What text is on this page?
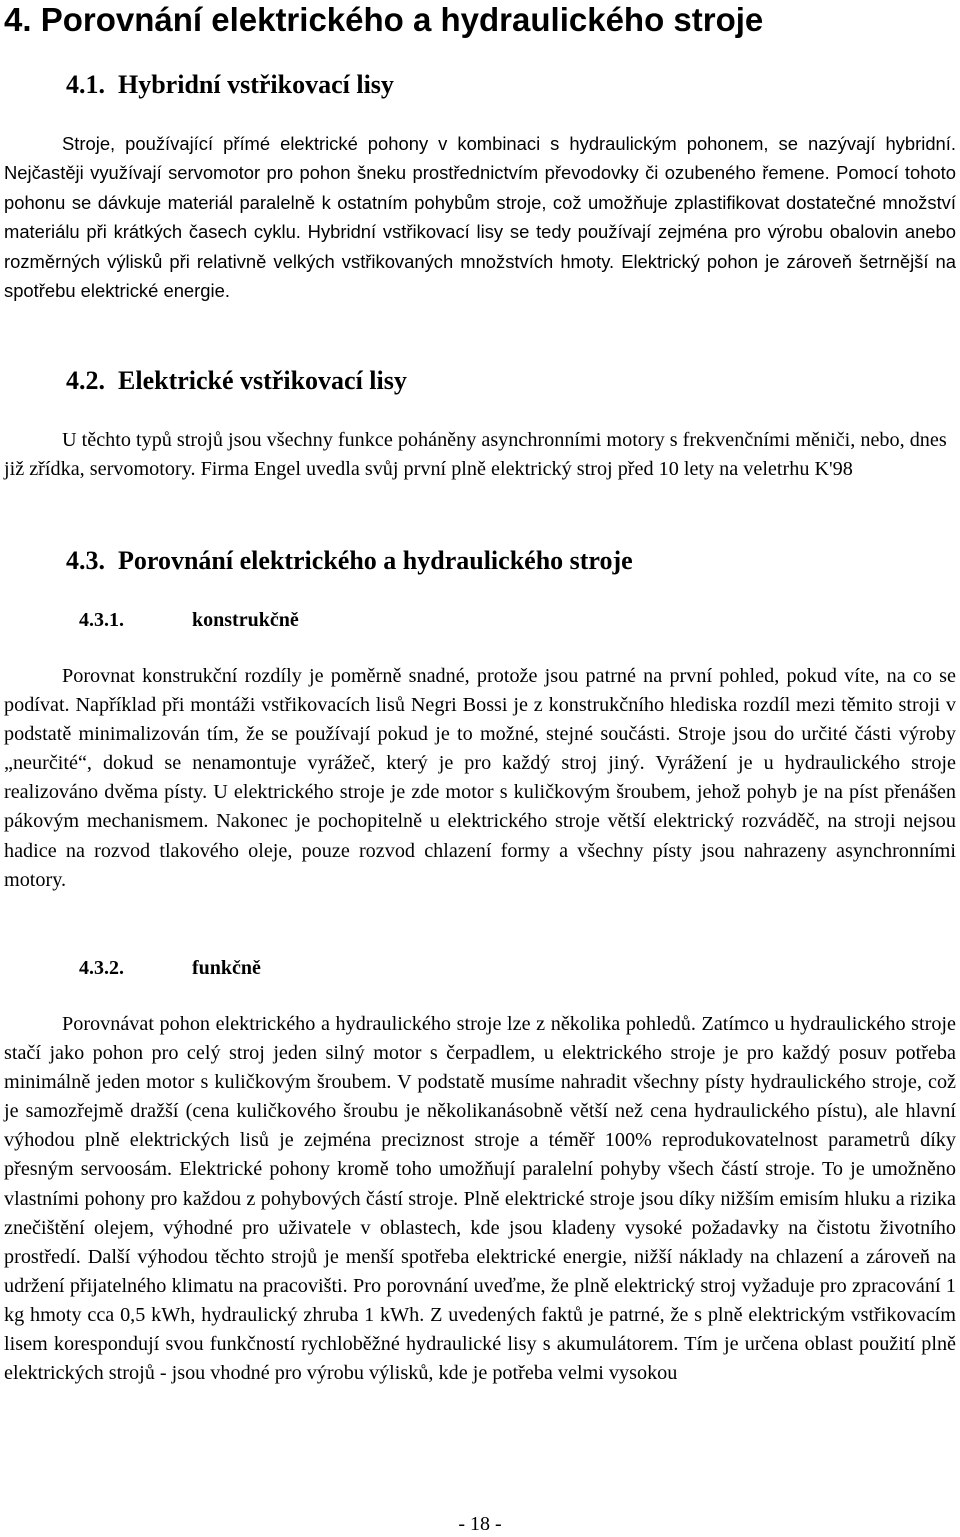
4. Porovnání elektrického a hydraulického stroje
4.1. Hybridní vstřikovací lisy

Stroje, používající přímé elektrické pohony v kombinaci s hydraulickým pohonem, se nazývají hybridní. Nejčastěji využívají servomotor pro pohon šneku prostřednictvím převodovky či ozubeného řemene. Pomocí tohoto pohonu se dávkuje materiál paralelně k ostatním pohybům stroje, což umožňuje zplastifikovat dostatečné množství materiálu při krátkých časech cyklu. Hybridní vstřikovací lisy se tedy používají zejména pro výrobu obalovin anebo rozměrných výlisků při relativně velkých vstřikovaných množstvích hmoty. Elektrický pohon je zároveň šetrnější na spotřebu elektrické energie.

4.2. Elektrické vstřikovací lisy

U těchto typů strojů jsou všechny funkce poháněny asynchronními motory s frekvenčními měniči, nebo, dnes již zřídka, servomotory. Firma Engel uvedla svůj první plně elektrický stroj před 10 lety na veletrhu K'98

4.3. Porovnání elektrického a hydraulického stroje
4.3.1.	konstrukčně

Porovnat konstrukční rozdíly je poměrně snadné, protože jsou patrné na první pohled, pokud víte, na co se podívat. Například při montáži vstřikovacích lisů Negri Bossi je z konstrukčního hlediska rozdíl mezi těmito stroji v podstatě minimalizován tím, že se používají pokud je to možné, stejné součásti. Stroje jsou do určité části výroby „neurčité“, dokud se nenamontuje vyrážeč, který je pro každý stroj jiný. Vyrážení je u hydraulického stroje realizováno dvěma písty. U elektrického stroje je zde motor s kuličkovým šroubem, jehož pohyb je na píst přenášen pákovým mechanismem. Nakonec je pochopitelně u elektrického stroje větší elektrický rozváděč, na stroji nejsou hadice na rozvod tlakového oleje, pouze rozvod chlazení formy a všechny písty jsou nahrazeny asynchronními motory.

4.3.2.	funkčně

Porovnávat pohon elektrického a hydraulického stroje lze z několika pohledů. Zatímco u hydraulického stroje stačí jako pohon pro celý stroj jeden silný motor s čerpadlem, u elektrického stroje je pro každý posuv potřeba minimálně jeden motor s kuličkovým šroubem. V podstatě musíme nahradit všechny písty hydraulického stroje, což je samozřejmě dražší (cena kuličkového šroubu je několikanásobně větší než cena hydraulického pístu), ale hlavní výhodou plně elektrických lisů je zejména preciznost stroje a téměř 100% reprodukovatelnost parametrů díky přesným servoosám. Elektrické pohony kromě toho umožňují paralelní pohyby všech částí stroje. To je umožněno vlastními pohony pro každou z pohybových částí stroje. Plně elektrické stroje jsou díky nižším emisím hluku a rizika znečištění olejem, výhodné pro uživatele v oblastech, kde jsou kladeny vysoké požadavky na čistotu životního prostředí. Další výhodou těchto strojů je menší spotřeba elektrické energie, nižší náklady na chlazení a zároveň na udržení přijatelného klimatu na pracovišti. Pro porovnání uveďme, že plně elektrický stroj vyžaduje pro zpracování 1 kg hmoty cca 0,5 kWh, hydraulický zhruba 1 kWh. Z uvedených faktů je patrné, že s plně elektrickým vstřikovacím lisem korespondují svou funkčností rychloběžné hydraulické lisy s akumulátorem. Tím je určena oblast použití plně elektrických strojů - jsou vhodné pro výrobu výlisků, kde je potřeba velmi vysokou

- 18 -
